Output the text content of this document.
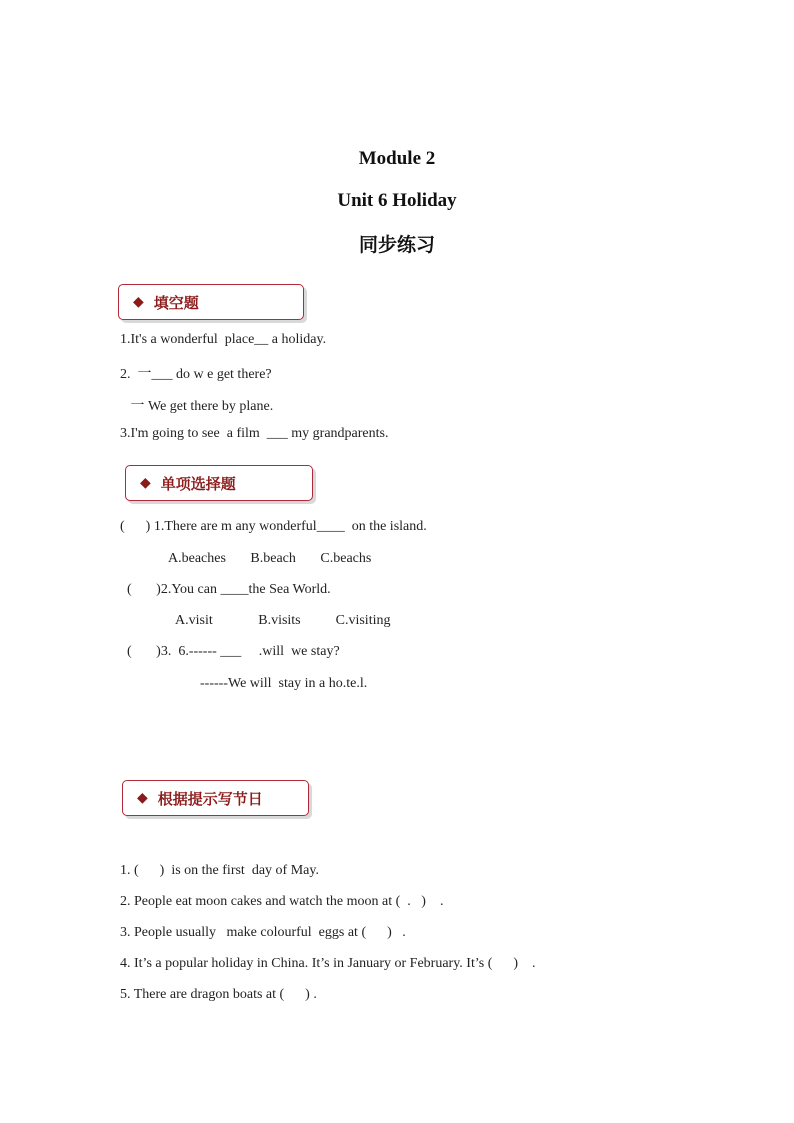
Module 2
Unit 6 Holiday
同步练习
◆ 填空题
1.It's a wonderful  place__ a holiday.
2.  一___ do w e get there?
一 We get there by plane.
3.I'm going to see  a film  ___ my grandparents.
◆ 单项选择题
(      ) 1.There are m any wonderful____  on the island.
A.beaches       B.beach       C.beachs
(       )2.You can ____the Sea World.
A.visit             B.visits          C.visiting
(       )3.  6.------ ___     .will  we stay?
------We will  stay in a ho.te.l.
◆ 根据提示写节日
1. (      )  is on the first  day of May.
2. People eat moon cakes and watch the moon at (  .   )    .
3. People usually   make colourful  eggs at (      )   .
4. It’s a popular holiday in China. It’s in January or February. It’s (      )    .
5. There are dragon boats at (      ) .
